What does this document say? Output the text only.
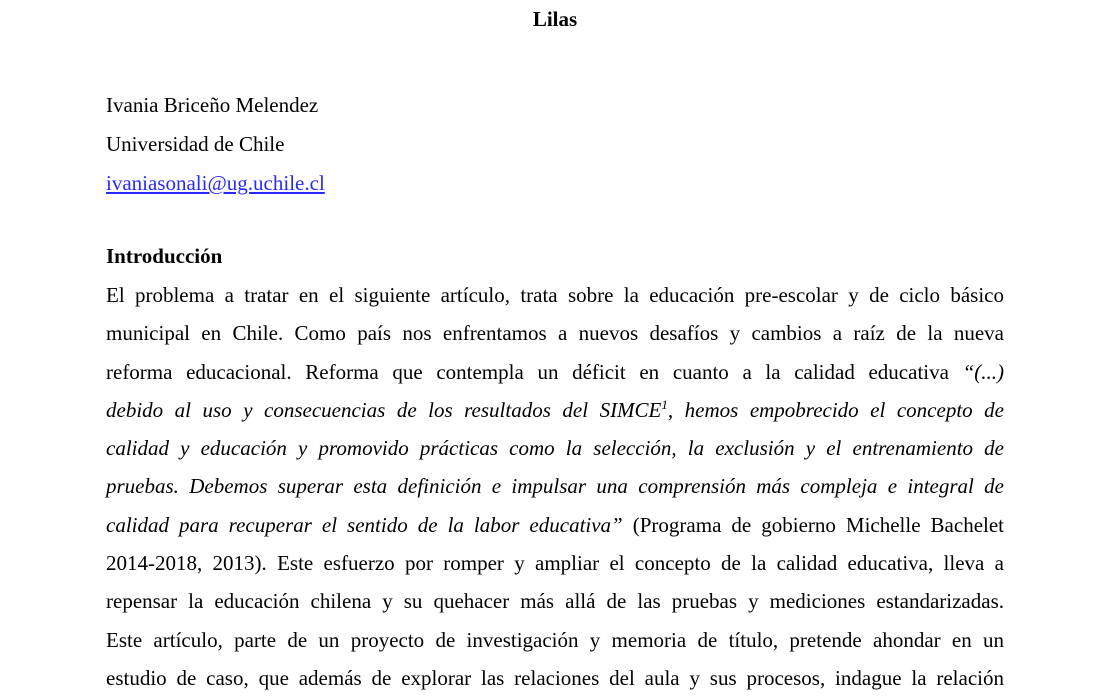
Lilas
Ivania Briceño Melendez
Universidad de Chile
ivaniasonali@ug.uchile.cl
Introducción
El problema a tratar en el siguiente artículo, trata sobre la educación pre-escolar y de ciclo básico
municipal en Chile. Como país nos enfrentamos a nuevos desafíos y cambios a raíz de la nueva
reforma educacional. Reforma que contempla un déficit en cuanto a la calidad educativa “(...)
debido al uso y consecuencias de los resultados del SIMCE$^1$, hemos empobrecido el concepto de
calidad y educación y promovido prácticas como la selección, la exclusión y el entrenamiento de
pruebas. Debemos superar esta definición e impulsar una comprensión más compleja e integral de
calidad para recuperar el sentido de la labor educativa” (Programa de gobierno Michelle Bachelet
2014-2018, 2013). Este esfuerzo por romper y ampliar el concepto de la calidad educativa, lleva a
repensar la educación chilena y su quehacer más allá de las pruebas y mediciones estandarizadas.
Este artículo, parte de un proyecto de investigación y memoria de título, pretende ahondar en un
estudio de caso, que además de explorar las relaciones del aula y sus procesos, indague la relación
